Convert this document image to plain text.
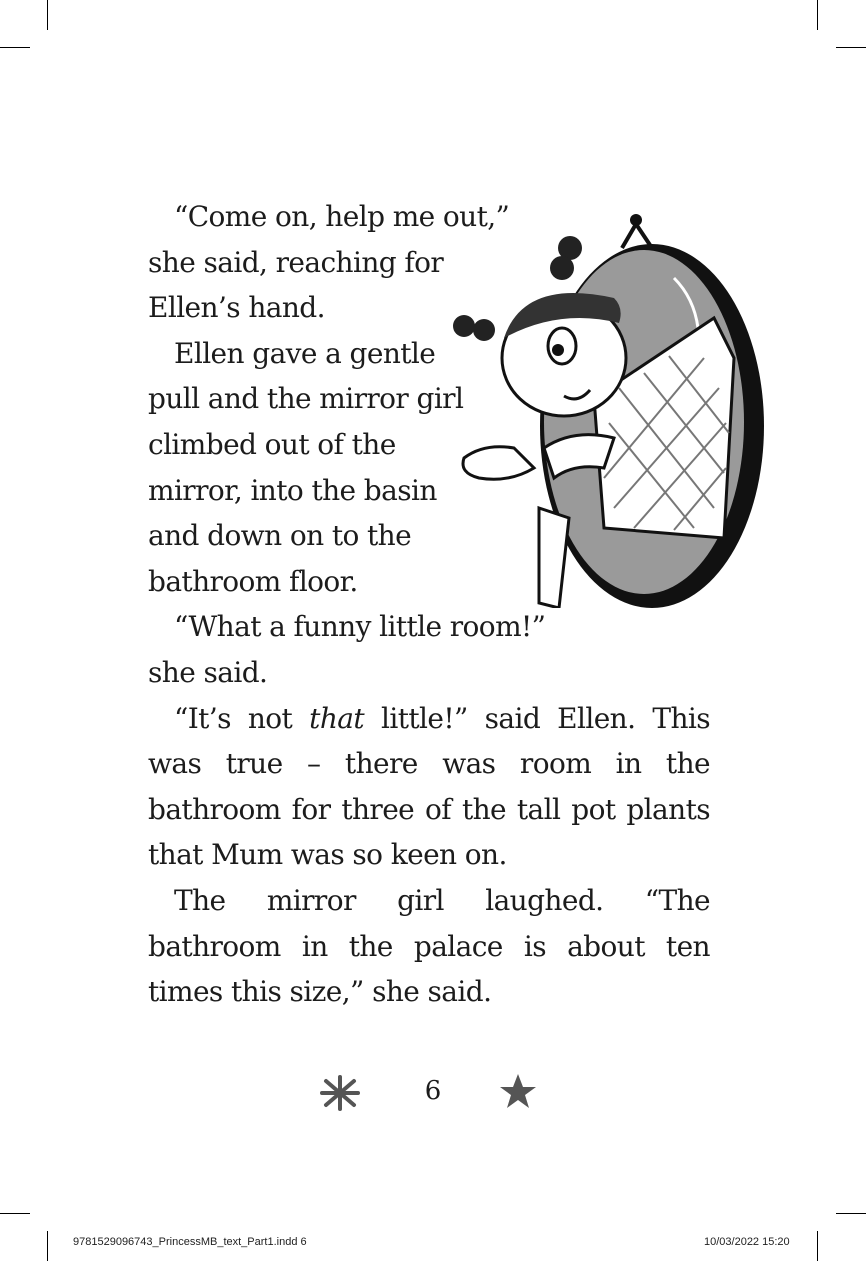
“Come on, help me out,”
she said, reaching for
Ellen’s hand.

Ellen gave a gentle
pull and the mirror girl
climbed out of the
mirror, into the basin
and down on to the
bathroom floor.

“What a funny little room!”
she said.

“It’s not that little!” said Ellen. This was true – there was room in the bathroom for three of the tall pot plants that Mum was so keen on.

The mirror girl laughed. “The bathroom in the palace is about ten times this size,” she said.

6
9781529096743_PrincessMB_text_Part1.indd 6	10/03/2022 15:20
